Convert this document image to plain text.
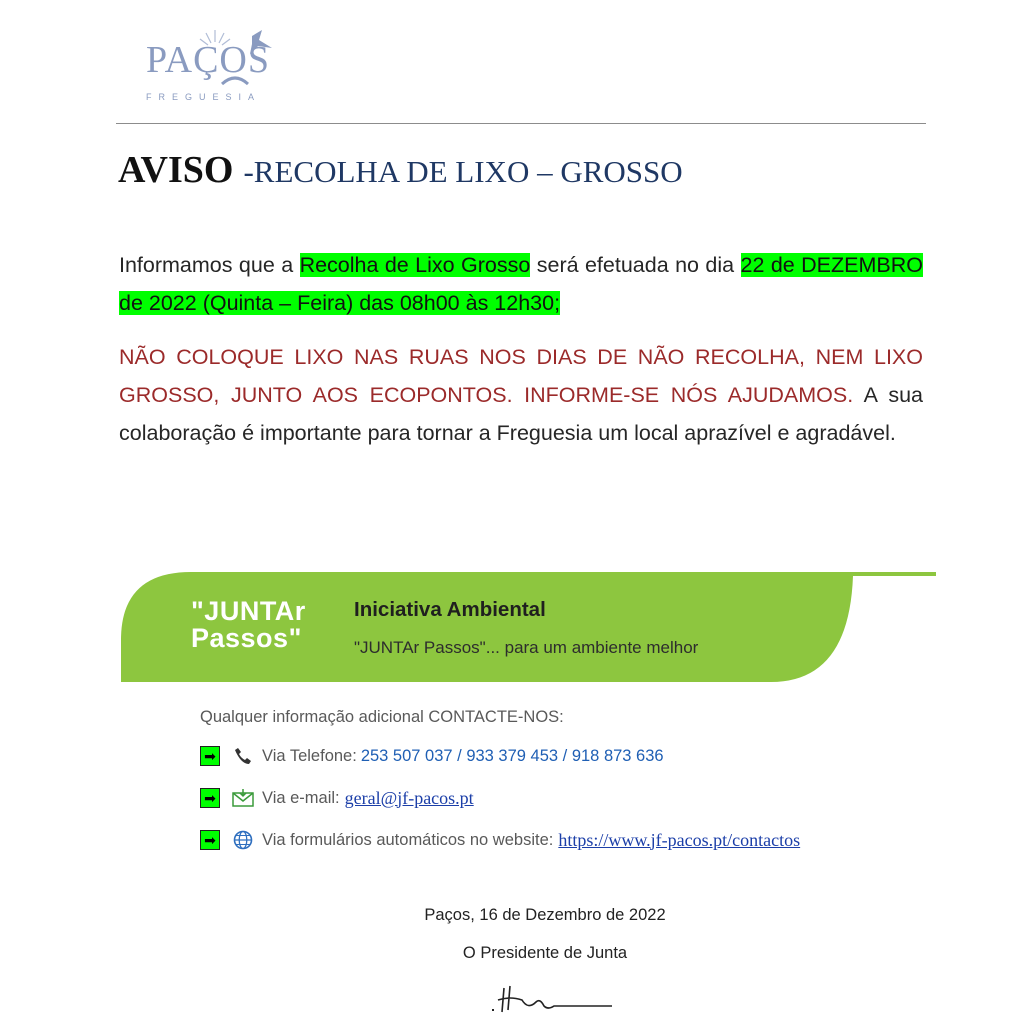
PAÇOS
FREGUESIA
AVISO -RECOLHA DE LIXO – GROSSO
Informamos que a Recolha de Lixo Grosso será efetuada no dia 22 de DEZEMBRO de 2022 (Quinta – Feira) das 08h00 às 12h30;
NÃO COLOQUE LIXO NAS RUAS NOS DIAS DE NÃO RECOLHA, NEM LIXO GROSSO, JUNTO AOS ECOPONTOS. INFORME-SE NÓS AJUDAMOS. A sua colaboração é importante para tornar a Freguesia um local aprazível e agradável.
"JUNTAr
Passos"
Iniciativa Ambiental
"JUNTAr Passos"... para um ambiente melhor
Qualquer informação adicional CONTACTE-NOS:
➡	Via Telefone: 253 507 037 / 933 379 453 / 918 873 636
➡	Via e-mail: geral@jf-pacos.pt
➡	Via formulários automáticos no website: https://www.jf-pacos.pt/contactos
Paços, 16 de Dezembro de 2022
O Presidente de Junta
